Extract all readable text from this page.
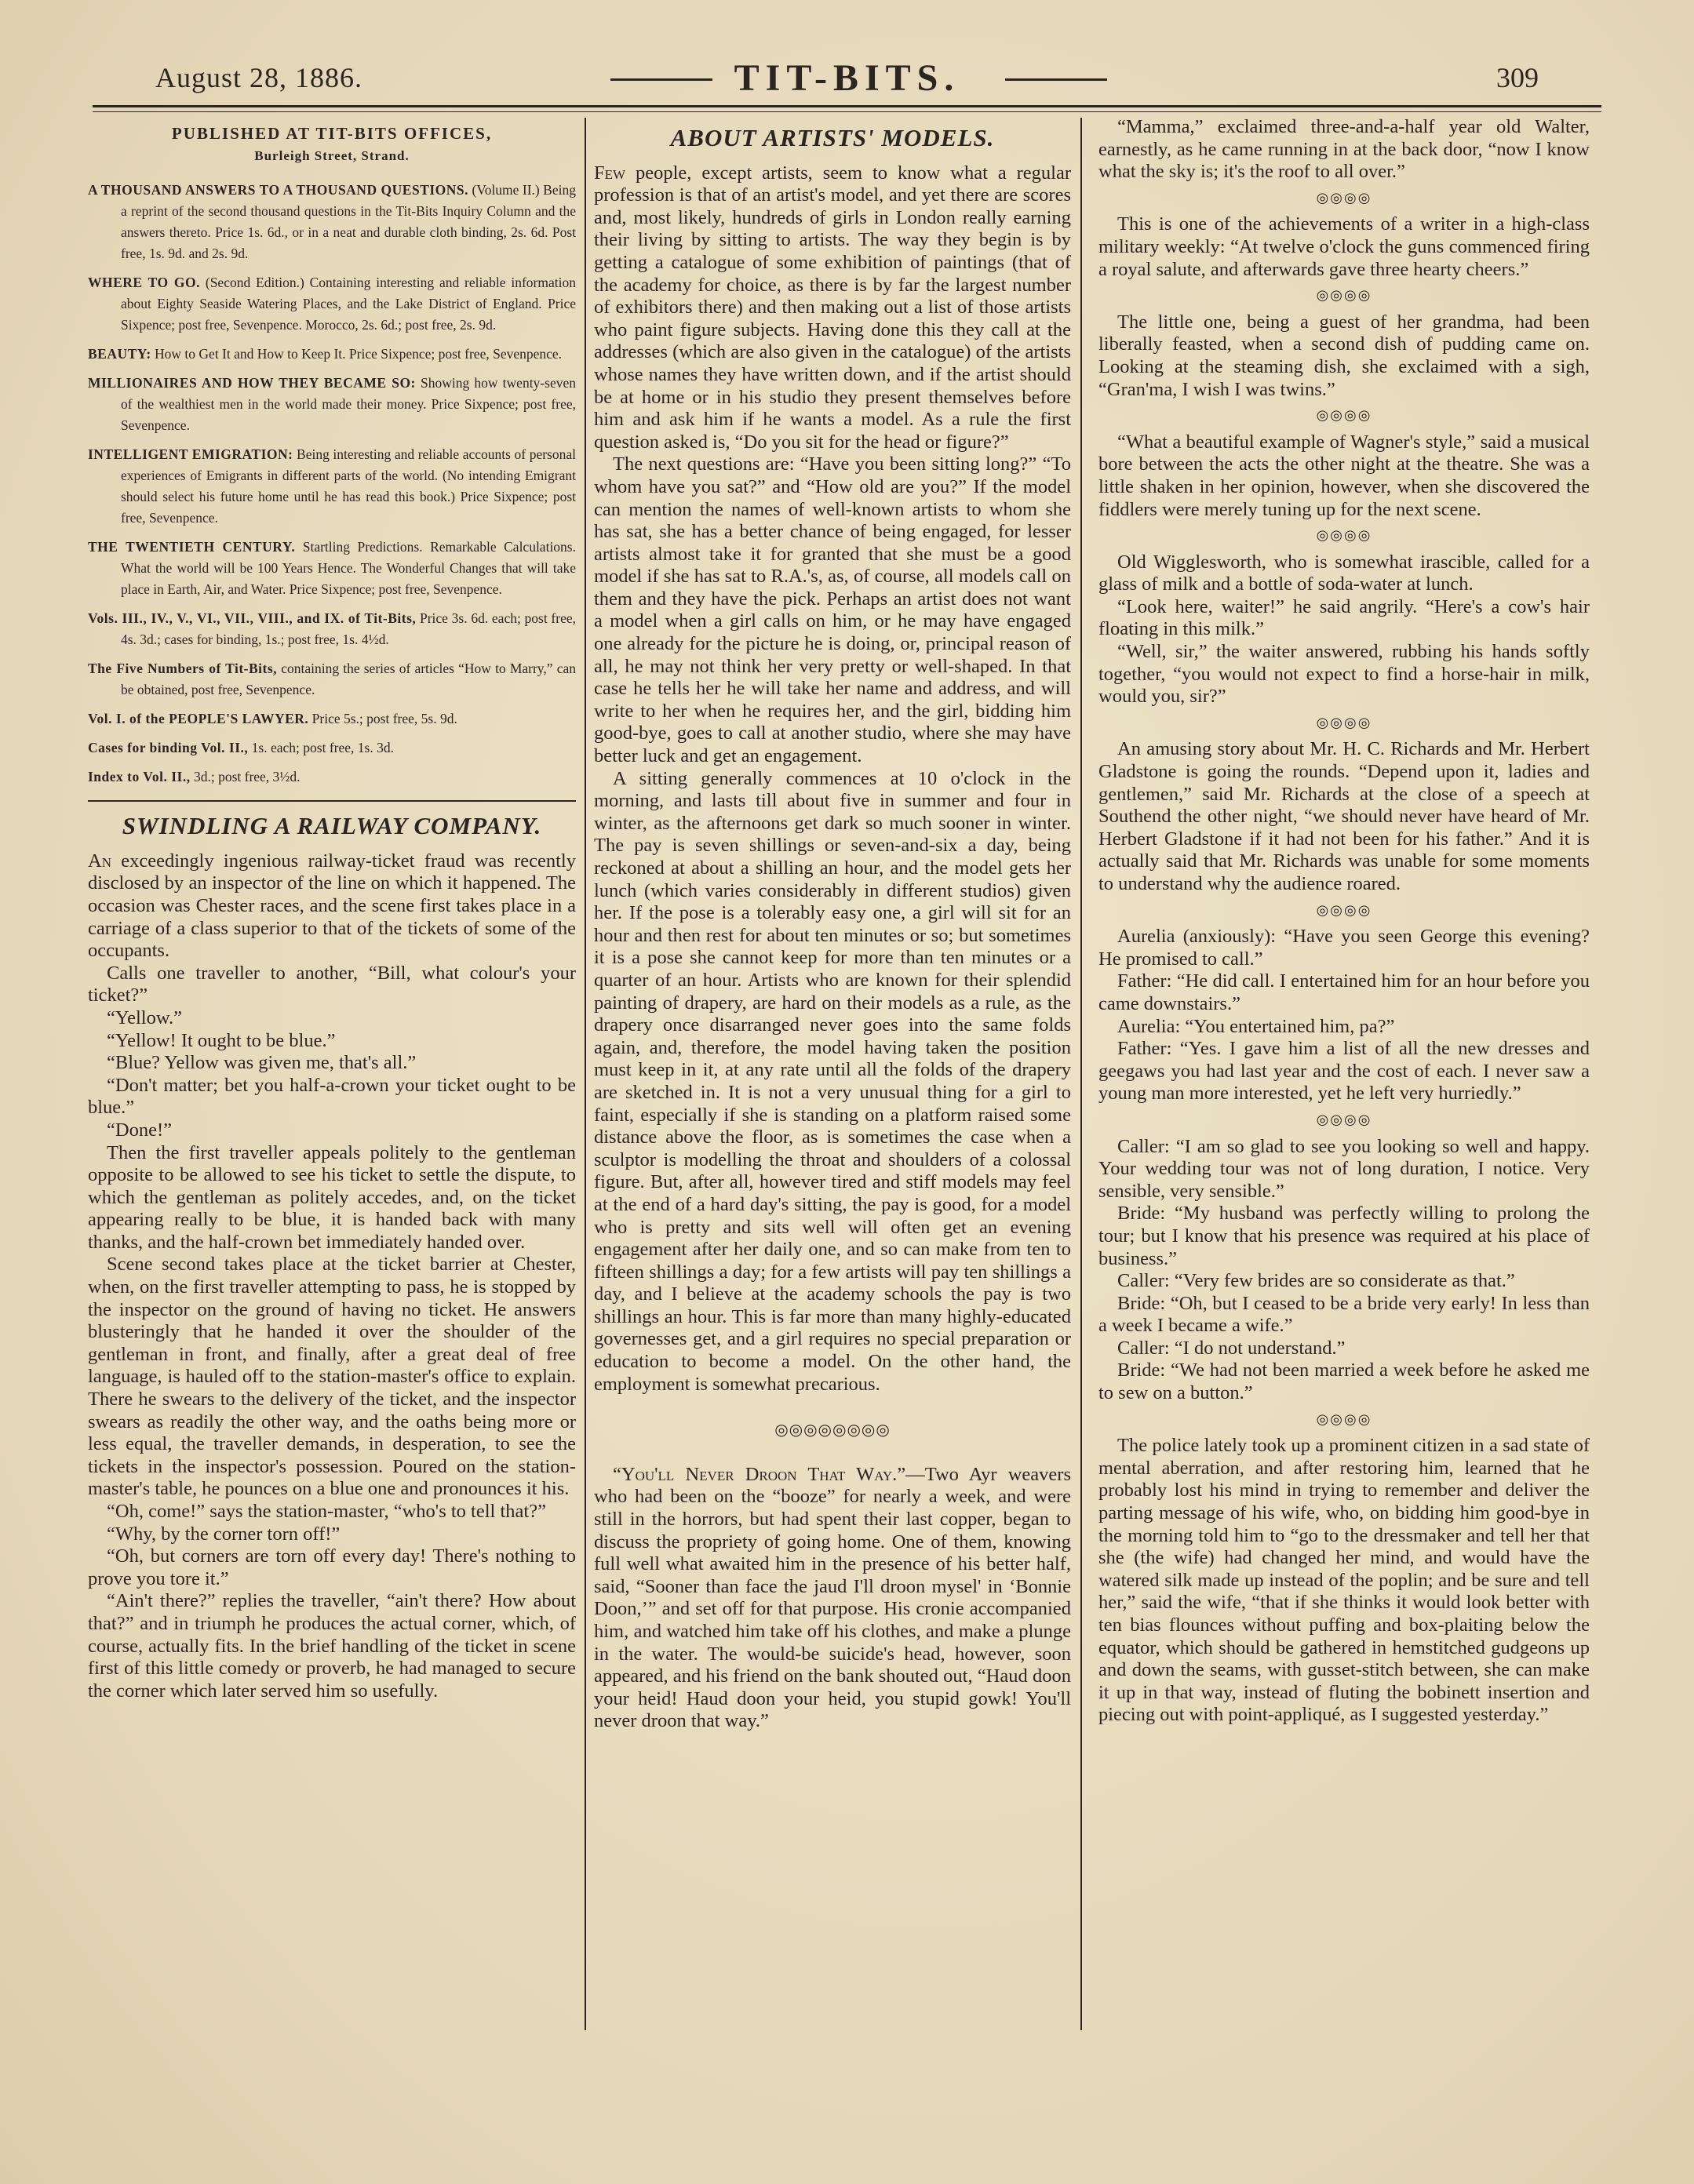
August 28, 1886.	TIT-BITS.	309
PUBLISHED AT TIT-BITS OFFICES,
Burleigh Street, Strand.
A THOUSAND ANSWERS TO A THOUSAND QUESTIONS. (Volume II.) Being a reprint of the second thousand questions in the Tit-Bits Inquiry Column and the answers thereto. Price 1s. 6d., or in a neat and durable cloth binding, 2s. 6d. Post free, 1s. 9d. and 2s. 9d.
WHERE TO GO. (Second Edition.) Containing interesting and reliable information about Eighty Seaside Watering Places, and the Lake District of England. Price Sixpence; post free, Sevenpence. Morocco, 2s. 6d.; post free, 2s. 9d.
BEAUTY: How to Get It and How to Keep It. Price Sixpence; post free, Sevenpence.
MILLIONAIRES AND HOW THEY BECAME SO: Showing how twenty-seven of the wealthiest men in the world made their money. Price Sixpence; post free, Sevenpence.
INTELLIGENT EMIGRATION: Being interesting and reliable accounts of personal experiences of Emigrants in different parts of the world. (No intending Emigrant should select his future home until he has read this book.) Price Sixpence; post free, Sevenpence.
THE TWENTIETH CENTURY. Startling Predictions. Remarkable Calculations. What the world will be 100 Years Hence. The Wonderful Changes that will take place in Earth, Air, and Water. Price Sixpence; post free, Sevenpence.
Vols. III., IV., V., VI., VII., VIII., and IX. of Tit-Bits, Price 3s. 6d. each; post free, 4s. 3d.; cases for binding, 1s.; post free, 1s. 4½d.
The Five Numbers of Tit-Bits, containing the series of articles “How to Marry,” can be obtained, post free, Sevenpence.
Vol. I. of the PEOPLE'S LAWYER. Price 5s.; post free, 5s. 9d.
Cases for binding Vol. II., 1s. each; post free, 1s. 3d.
Index to Vol. II., 3d.; post free, 3½d.
SWINDLING A RAILWAY COMPANY.

An exceedingly ingenious railway-ticket fraud was recently disclosed by an inspector of the line on which it happened. The occasion was Chester races, and the scene first takes place in a carriage of a class superior to that of the tickets of some of the occupants.

Calls one traveller to another, “Bill, what colour's your ticket?”

“Yellow.”

“Yellow! It ought to be blue.”

“Blue? Yellow was given me, that's all.”

“Don't matter; bet you half-a-crown your ticket ought to be blue.”

“Done!”

Then the first traveller appeals politely to the gentleman opposite to be allowed to see his ticket to settle the dispute, to which the gentleman as politely accedes, and, on the ticket appearing really to be blue, it is handed back with many thanks, and the half-crown bet immediately handed over.

Scene second takes place at the ticket barrier at Chester, when, on the first traveller attempting to pass, he is stopped by the inspector on the ground of having no ticket. He answers blusteringly that he handed it over the shoulder of the gentleman in front, and finally, after a great deal of free language, is hauled off to the station-master's office to explain. There he swears to the delivery of the ticket, and the inspector swears as readily the other way, and the oaths being more or less equal, the traveller demands, in desperation, to see the tickets in the inspector's possession. Poured on the station-master's table, he pounces on a blue one and pronounces it his.

“Oh, come!” says the station-master, “who's to tell that?”

“Why, by the corner torn off!”

“Oh, but corners are torn off every day! There's nothing to prove you tore it.”

“Ain't there?” replies the traveller, “ain't there? How about that?” and in triumph he produces the actual corner, which, of course, actually fits. In the brief handling of the ticket in scene first of this little comedy or proverb, he had managed to secure the corner which later served him so usefully.

ABOUT ARTISTS' MODELS.

Few people, except artists, seem to know what a regular profession is that of an artist's model, and yet there are scores and, most likely, hundreds of girls in London really earning their living by sitting to artists. The way they begin is by getting a catalogue of some exhibition of paintings (that of the academy for choice, as there is by far the largest number of exhibitors there) and then making out a list of those artists who paint figure subjects. Having done this they call at the addresses (which are also given in the catalogue) of the artists whose names they have written down, and if the artist should be at home or in his studio they present themselves before him and ask him if he wants a model. As a rule the first question asked is, “Do you sit for the head or figure?”

The next questions are: “Have you been sitting long?” “To whom have you sat?” and “How old are you?” If the model can mention the names of well-known artists to whom she has sat, she has a better chance of being engaged, for lesser artists almost take it for granted that she must be a good model if she has sat to R.A.'s, as, of course, all models call on them and they have the pick. Perhaps an artist does not want a model when a girl calls on him, or he may have engaged one already for the picture he is doing, or, principal reason of all, he may not think her very pretty or well-shaped. In that case he tells her he will take her name and address, and will write to her when he requires her, and the girl, bidding him good-bye, goes to call at another studio, where she may have better luck and get an engagement.

A sitting generally commences at 10 o'clock in the morning, and lasts till about five in summer and four in winter, as the afternoons get dark so much sooner in winter. The pay is seven shillings or seven-and-six a day, being reckoned at about a shilling an hour, and the model gets her lunch (which varies considerably in different studios) given her. If the pose is a tolerably easy one, a girl will sit for an hour and then rest for about ten minutes or so; but sometimes it is a pose she cannot keep for more than ten minutes or a quarter of an hour. Artists who are known for their splendid painting of drapery, are hard on their models as a rule, as the drapery once disarranged never goes into the same folds again, and, therefore, the model having taken the position must keep in it, at any rate until all the folds of the drapery are sketched in. It is not a very unusual thing for a girl to faint, especially if she is standing on a platform raised some distance above the floor, as is sometimes the case when a sculptor is modelling the throat and shoulders of a colossal figure. But, after all, however tired and stiff models may feel at the end of a hard day's sitting, the pay is good, for a model who is pretty and sits well will often get an evening engagement after her daily one, and so can make from ten to fifteen shillings a day; for a few artists will pay ten shillings a day, and I believe at the academy schools the pay is two shillings an hour. This is far more than many highly-educated governesses get, and a girl requires no special preparation or education to become a model. On the other hand, the employment is somewhat precarious.

◎◎◎◎◎◎◎◎

“You'll Never Droon That Way.”—Two Ayr weavers who had been on the “booze” for nearly a week, and were still in the horrors, but had spent their last copper, began to discuss the propriety of going home. One of them, knowing full well what awaited him in the presence of his better half, said, “Sooner than face the jaud I'll droon mysel' in ‘Bonnie Doon,’” and set off for that purpose. His cronie accompanied him, and watched him take off his clothes, and make a plunge in the water. The would-be suicide's head, however, soon appeared, and his friend on the bank shouted out, “Haud doon your heid! Haud doon your heid, you stupid gowk! You'll never droon that way.”

“Mamma,” exclaimed three-and-a-half year old Walter, earnestly, as he came running in at the back door, “now I know what the sky is; it's the roof to all over.”

◎◎◎◎

This is one of the achievements of a writer in a high-class military weekly: “At twelve o'clock the guns commenced firing a royal salute, and afterwards gave three hearty cheers.”

◎◎◎◎

The little one, being a guest of her grandma, had been liberally feasted, when a second dish of pudding came on. Looking at the steaming dish, she exclaimed with a sigh, “Gran'ma, I wish I was twins.”

◎◎◎◎

“What a beautiful example of Wagner's style,” said a musical bore between the acts the other night at the theatre. She was a little shaken in her opinion, however, when she discovered the fiddlers were merely tuning up for the next scene.

◎◎◎◎

Old Wigglesworth, who is somewhat irascible, called for a glass of milk and a bottle of soda-water at lunch.

“Look here, waiter!” he said angrily. “Here's a cow's hair floating in this milk.”

“Well, sir,” the waiter answered, rubbing his hands softly together, “you would not expect to find a horse-hair in milk, would you, sir?”

◎◎◎◎

An amusing story about Mr. H. C. Richards and Mr. Herbert Gladstone is going the rounds. “Depend upon it, ladies and gentlemen,” said Mr. Richards at the close of a speech at Southend the other night, “we should never have heard of Mr. Herbert Gladstone if it had not been for his father.” And it is actually said that Mr. Richards was unable for some moments to understand why the audience roared.

◎◎◎◎

Aurelia (anxiously): “Have you seen George this evening? He promised to call.”

Father: “He did call. I entertained him for an hour before you came downstairs.”

Aurelia: “You entertained him, pa?”

Father: “Yes. I gave him a list of all the new dresses and geegaws you had last year and the cost of each. I never saw a young man more interested, yet he left very hurriedly.”

◎◎◎◎

Caller: “I am so glad to see you looking so well and happy. Your wedding tour was not of long duration, I notice. Very sensible, very sensible.”

Bride: “My husband was perfectly willing to prolong the tour; but I know that his presence was required at his place of business.”

Caller: “Very few brides are so considerate as that.”

Bride: “Oh, but I ceased to be a bride very early! In less than a week I became a wife.”

Caller: “I do not understand.”

Bride: “We had not been married a week before he asked me to sew on a button.”

◎◎◎◎

The police lately took up a prominent citizen in a sad state of mental aberration, and after restoring him, learned that he probably lost his mind in trying to remember and deliver the parting message of his wife, who, on bidding him good-bye in the morning told him to “go to the dressmaker and tell her that she (the wife) had changed her mind, and would have the watered silk made up instead of the poplin; and be sure and tell her,” said the wife, “that if she thinks it would look better with ten bias flounces without puffing and box-plaiting below the equator, which should be gathered in hemstitched gudgeons up and down the seams, with gusset-stitch between, she can make it up in that way, instead of fluting the bobinett insertion and piecing out with point-appliqué, as I suggested yesterday.”
